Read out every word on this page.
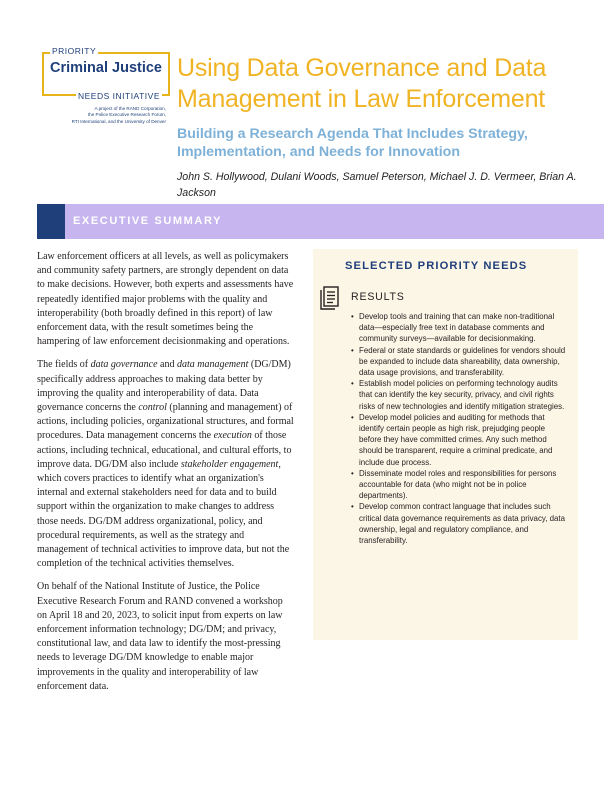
PRIORITY
Criminal Justice
NEEDS INITIATIVE
A project of the RAND Corporation,
the Police Executive Research Forum,
RTI International, and the University of Denver
Using Data Governance and Data Management in Law Enforcement
Building a Research Agenda That Includes Strategy, Implementation, and Needs for Innovation
John S. Hollywood, Dulani Woods, Samuel Peterson, Michael J. D. Vermeer, Brian A. Jackson
EXECUTIVE SUMMARY

Law enforcement officers at all levels, as well as policymakers and community safety partners, are strongly dependent on data to make decisions. However, both experts and assessments have repeatedly identified major problems with the quality and interoperability (both broadly defined in this report) of law enforcement data, with the result sometimes being the hampering of law enforcement decisionmaking and operations.

The fields of data governance and data management (DG/DM) specifically address approaches to making data better by improving the quality and interoperability of data. Data governance concerns the control (planning and management) of actions, including policies, organizational structures, and formal procedures. Data management concerns the execution of those actions, including technical, educational, and cultural efforts, to improve data. DG/DM also include stakeholder engagement, which covers practices to identify what an organization's internal and external stakeholders need for data and to build support within the organization to make changes to address those needs. DG/DM address organizational, policy, and procedural requirements, as well as the strategy and management of technical activities to improve data, but not the completion of the technical activities themselves.

On behalf of the National Institute of Justice, the Police Executive Research Forum and RAND convened a workshop on April 18 and 20, 2023, to solicit input from experts on law enforcement information technology; DG/DM; and privacy, constitutional law, and data law to identify the most-pressing needs to leverage DG/DM knowledge to enable major improvements in the quality and interoperability of law enforcement data.

SELECTED PRIORITY NEEDS
RESULTS
• Develop tools and training that can make non-traditional data—especially free text in database comments and community surveys—available for decisionmaking.
• Federal or state standards or guidelines for vendors should be expanded to include data shareability, data ownership, data usage provisions, and transferability.
• Establish model policies on performing technology audits that can identify the key security, privacy, and civil rights risks of new technologies and identify mitigation strategies.
• Develop model policies and auditing for methods that identify certain people as high risk, prejudging people before they have committed crimes. Any such method should be transparent, require a criminal predicate, and include due process.
• Disseminate model roles and responsibilities for persons accountable for data (who might not be in police departments).
• Develop common contract language that includes such critical data governance requirements as data privacy, data ownership, legal and regulatory compliance, and transferability.
